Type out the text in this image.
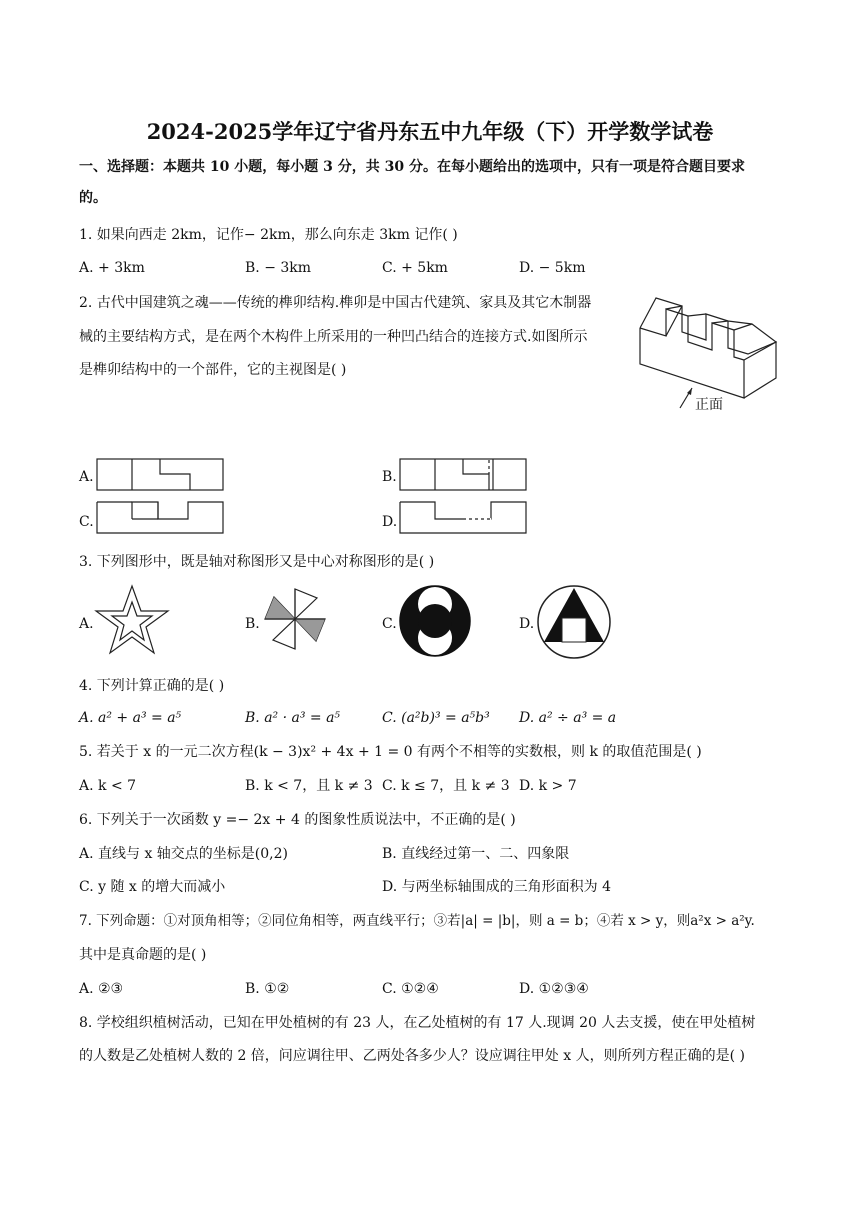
2024-2025学年辽宁省丹东五中九年级（下）开学数学试卷
一、选择题：本题共 10 小题，每小题 3 分，共 30 分。在每小题给出的选项中，只有一项是符合题目要求
的。
1. 如果向西走 2km，记作− 2km，那么向东走 3km 记作( )
A. + 3km	B. − 3km	C. + 5km	D. − 5km
2. 古代中国建筑之魂——传统的榫卯结构.榫卯是中国古代建筑、家具及其它木制器
械的主要结构方式，是在两个木构件上所采用的一种凹凸结合的连接方式.如图所示
是榫卯结构中的一个部件，它的主视图是( )
正面
A.	B.
C.	D.
3. 下列图形中，既是轴对称图形又是中心对称图形的是( )
A.	B.	C.	D.
4. 下列计算正确的是( )
A. a² + a³ = a⁵	B. a² · a³ = a⁵	C. (a²b)³ = a⁵b³ D. a² ÷ a³ = a
5. 若关于 x 的一元二次方程(k − 3)x² + 4x + 1 = 0 有两个不相等的实数根，则 k 的取值范围是( )
A. k < 7	B. k < 7，且 k ≠ 3 C. k ≤ 7，且 k ≠ 3 D. k > 7
6. 下列关于一次函数 y =− 2x + 4 的图象性质说法中，不正确的是( )
A. 直线与 x 轴交点的坐标是(0,2)	B. 直线经过第一、二、四象限
C. y 随 x 的增大而减小	D. 与两坐标轴围成的三角形面积为 4
7. 下列命题：①对顶角相等；②同位角相等，两直线平行；③若|a| = |b|，则 a = b；④若 x > y，则a²x > a²y.
其中是真命题的是( )
A. ②③	B. ①②	C. ①②④	D. ①②③④
8. 学校组织植树活动，已知在甲处植树的有 23 人，在乙处植树的有 17 人.现调 20 人去支援，使在甲处植树
的人数是乙处植树人数的 2 倍，问应调往甲、乙两处各多少人？设应调往甲处 x 人，则所列方程正确的是( )
